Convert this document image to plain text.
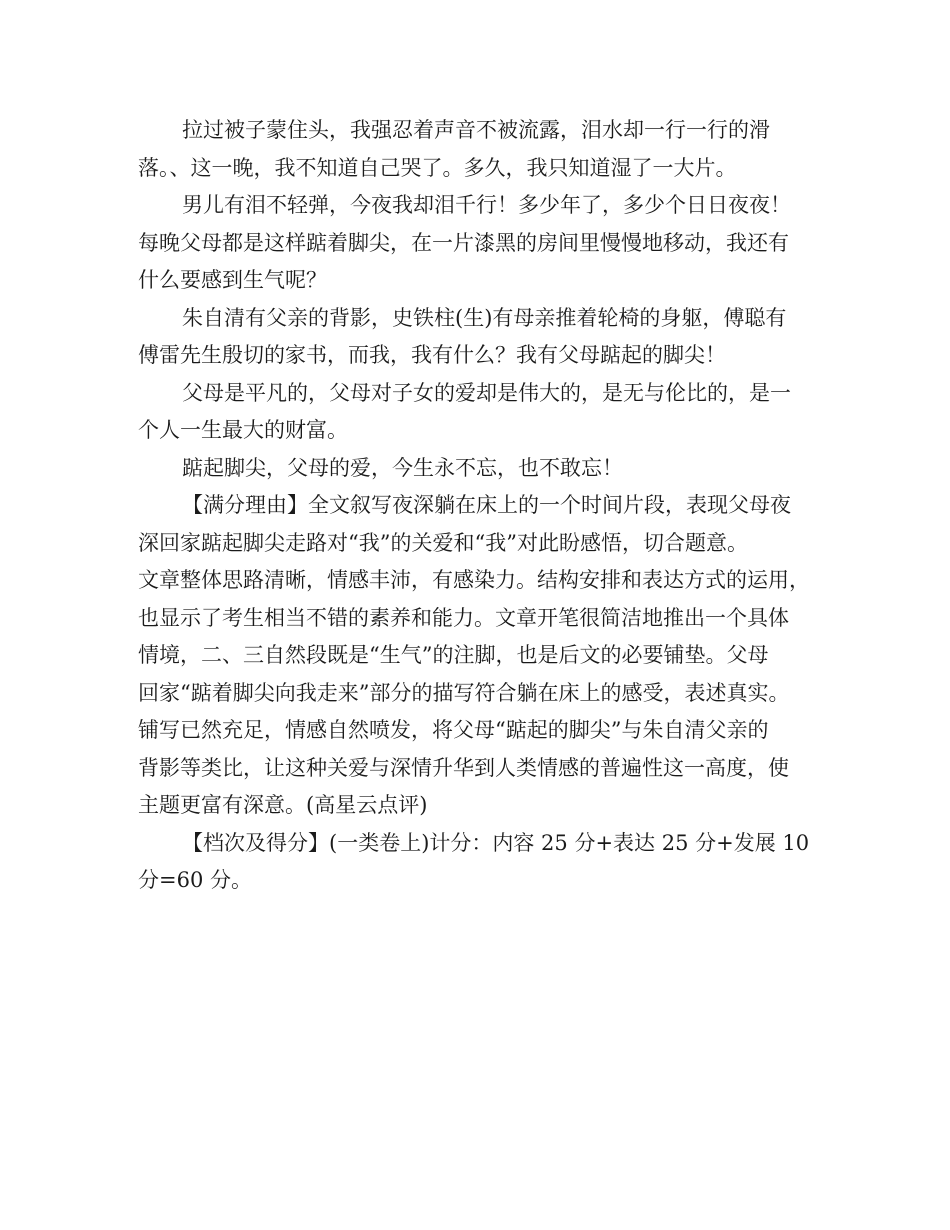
拉过被子蒙住头，我强忍着声音不被流露，泪水却一行一行的滑
落。、这一晚，我不知道自己哭了。多久，我只知道湿了一大片。
男儿有泪不轻弹，今夜我却泪千行！多少年了，多少个日日夜夜！
每晚父母都是这样踮着脚尖，在一片漆黑的房间里慢慢地移动，我还有
什么要感到生气呢？
朱自清有父亲的背影，史铁柱(生)有母亲推着轮椅的身躯，傅聪有
傅雷先生殷切的家书，而我，我有什么？我有父母踮起的脚尖！
父母是平凡的，父母对子女的爱却是伟大的，是无与伦比的，是一
个人一生最大的财富。
踮起脚尖，父母的爱，今生永不忘，也不敢忘！
【满分理由】全文叙写夜深躺在床上的一个时间片段，表现父母夜
深回家踮起脚尖走路对“我”的关爱和“我”对此盼感悟，切合题意。
文章整体思路清晰，情感丰沛，有感染力。结构安排和表达方式的运用，
也显示了考生相当不错的素养和能力。文章开笔很简洁地推出一个具体
情境，二、三自然段既是“生气”的注脚，也是后文的必要铺垫。父母
回家“踮着脚尖向我走来”部分的描写符合躺在床上的感受，表述真实。
铺写已然充足，情感自然喷发，将父母“踮起的脚尖”与朱自清父亲的
背影等类比，让这种关爱与深情升华到人类情感的普遍性这一高度，使
主题更富有深意。(高星云点评)
【档次及得分】(一类卷上)计分：内容 25 分+表达 25 分+发展 10
分=60 分。
